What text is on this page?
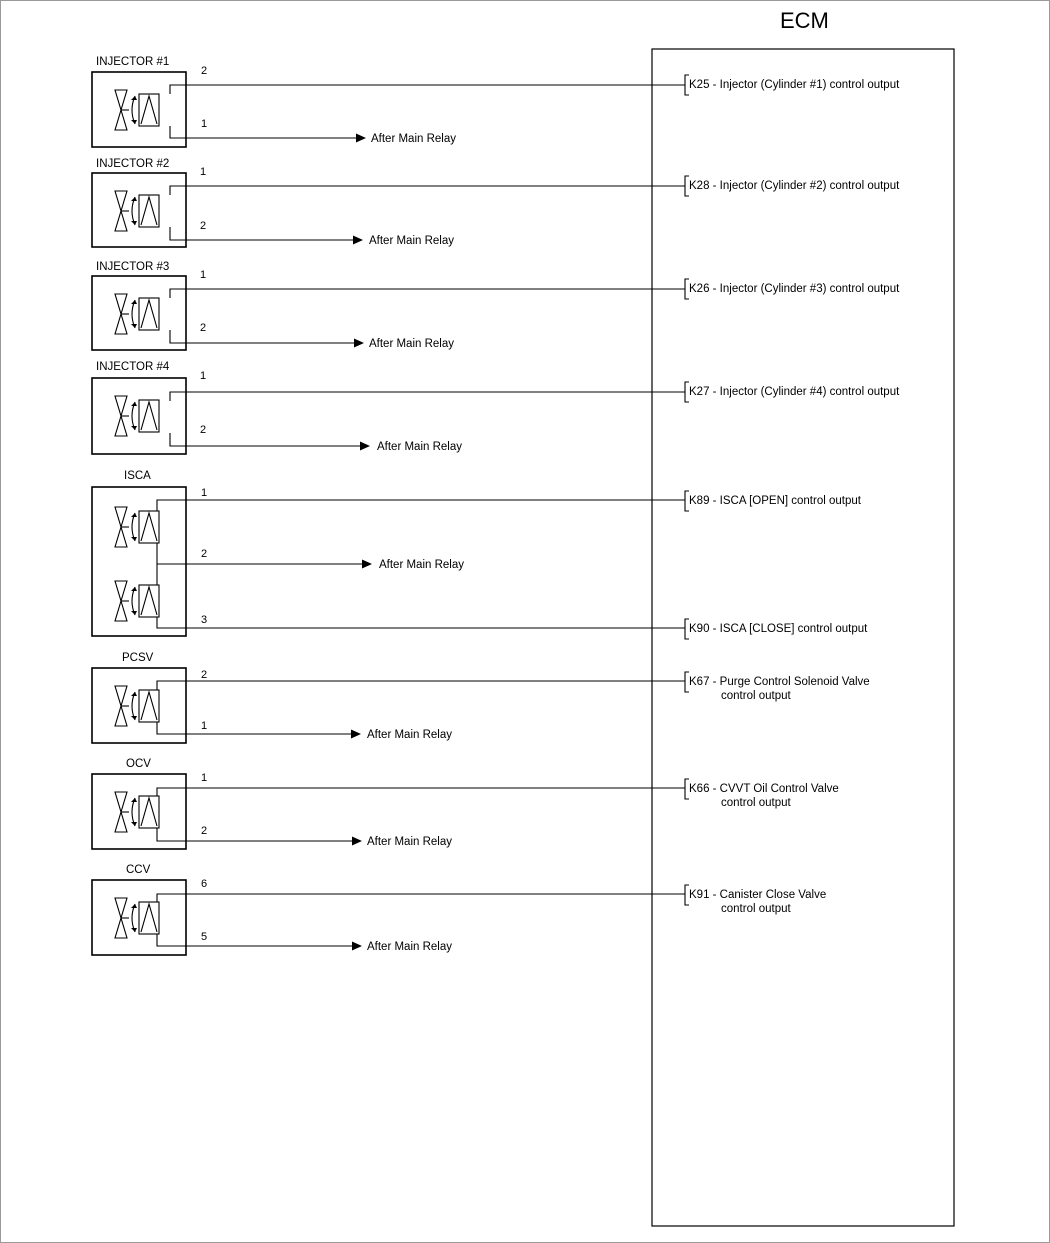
ECM
INJECTOR #1
2
1
After Main Relay
K25 - Injector (Cylinder #1) control output
INJECTOR #2
1
2
After Main Relay
K28 - Injector (Cylinder #2) control output
INJECTOR #3
1
2
After Main Relay
K26 - Injector (Cylinder #3) control output
INJECTOR #4
1
2
After Main Relay
K27 - Injector (Cylinder #4) control output
ISCA
1
2
3
After Main Relay
K89 - ISCA [OPEN] control output
K90 - ISCA [CLOSE] control output
PCSV
2
1
After Main Relay
K67 - Purge Control Solenoid Valve
control output
OCV
1
2
After Main Relay
K66 - CVVT Oil Control Valve
control output
CCV
6
5
After Main Relay
K91 - Canister Close Valve
control output
